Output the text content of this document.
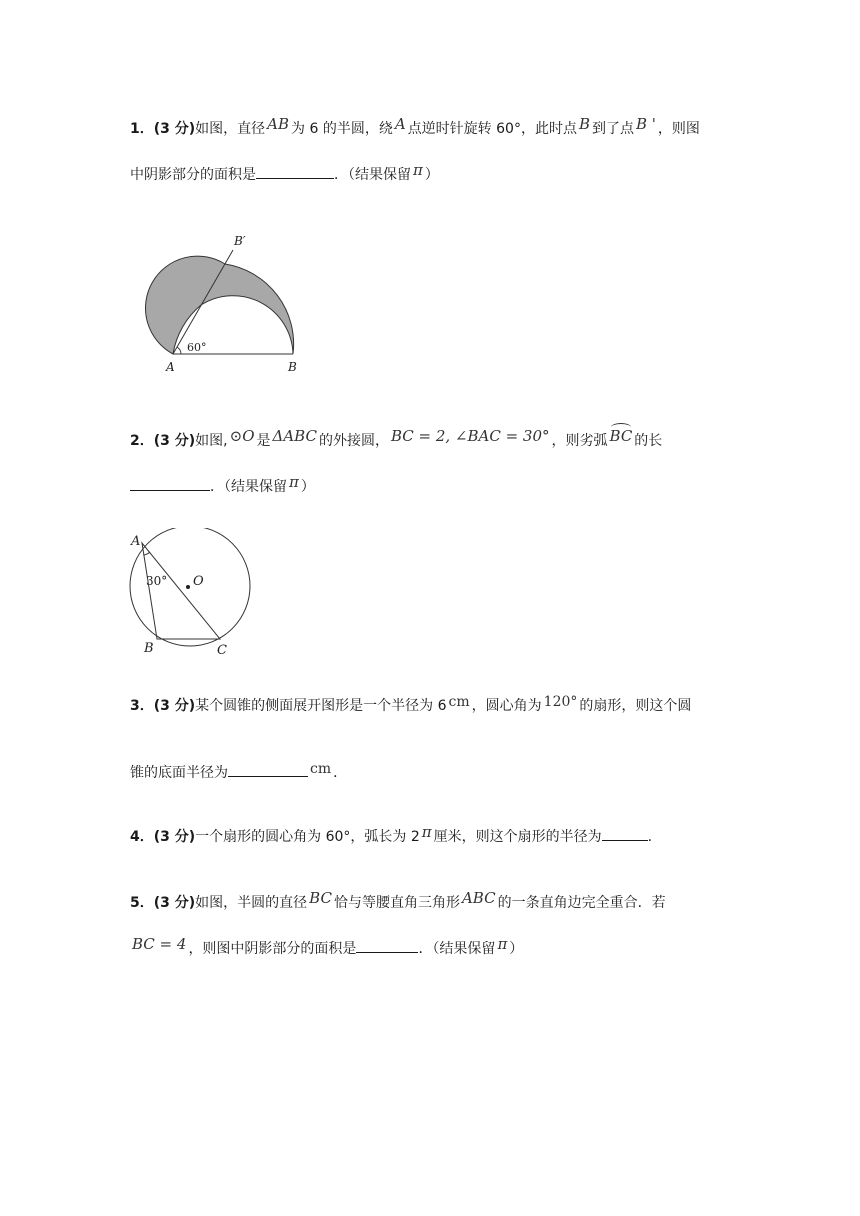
1．(3 分)如图，直径 AB 为 6 的半圆，绕 A 点逆时针旋转 60°，此时点 B 到了点 B ' ，则图
中阴影部分的面积是	．（结果保留 π ）
B′
60°
A	B
2．(3 分)如图, ⊙O 是 ΔABC 的外接圆， BC = 2, ∠BAC = 30° ，则劣弧 BC 的长
．（结果保留 π ）
A
30° O
B	C
3．(3 分)某个圆锥的侧面展开图形是一个半径为 6 cm ，圆心角为 120° 的扇形，则这个圆
锥的底面半径为	cm ．
4．(3 分)一个扇形的圆心角为 60°，弧长为 2 π 厘米，则这个扇形的半径为	.
5．(3 分)如图，半圆的直径 BC 恰与等腰直角三角形 ABC 的一条直角边完全重合．若
BC = 4 ，则图中阴影部分的面积是	．（结果保留 π ）
